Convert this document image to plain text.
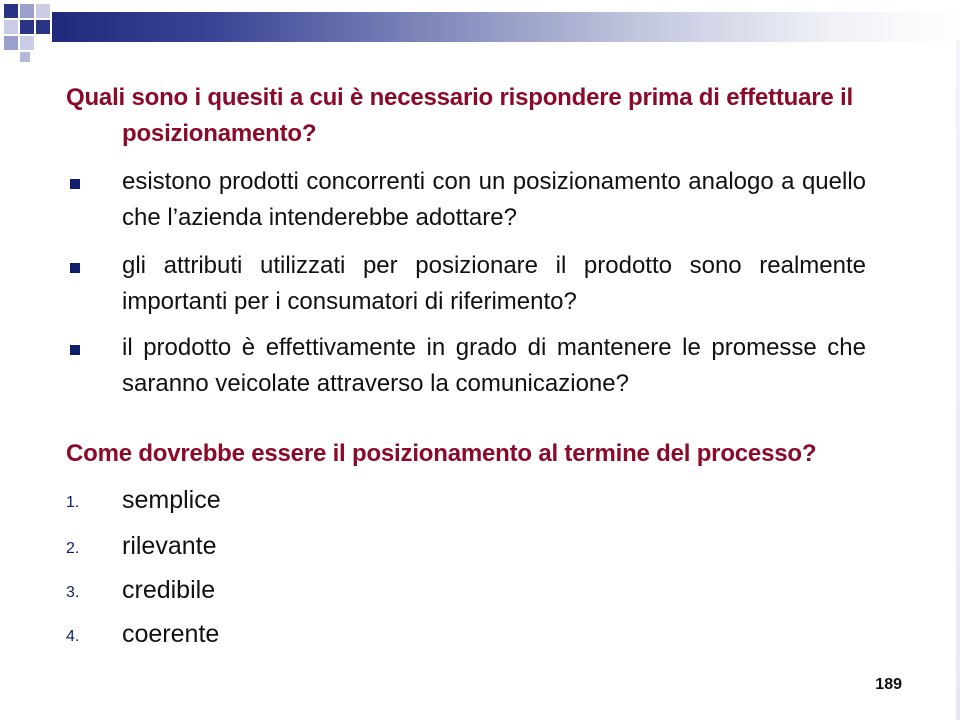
Quali sono i quesiti a cui è necessario rispondere prima di effettuare il
posizionamento?
esistono prodotti concorrenti con un posizionamento analogo a quello che l’azienda intenderebbe adottare?
gli attributi utilizzati per posizionare il prodotto sono realmente importanti per i consumatori di riferimento?
il prodotto è effettivamente in grado di mantenere le promesse che saranno veicolate attraverso la comunicazione?
Come dovrebbe essere il posizionamento al termine del processo?
1. semplice
2. rilevante
3. credibile
4. coerente
189
